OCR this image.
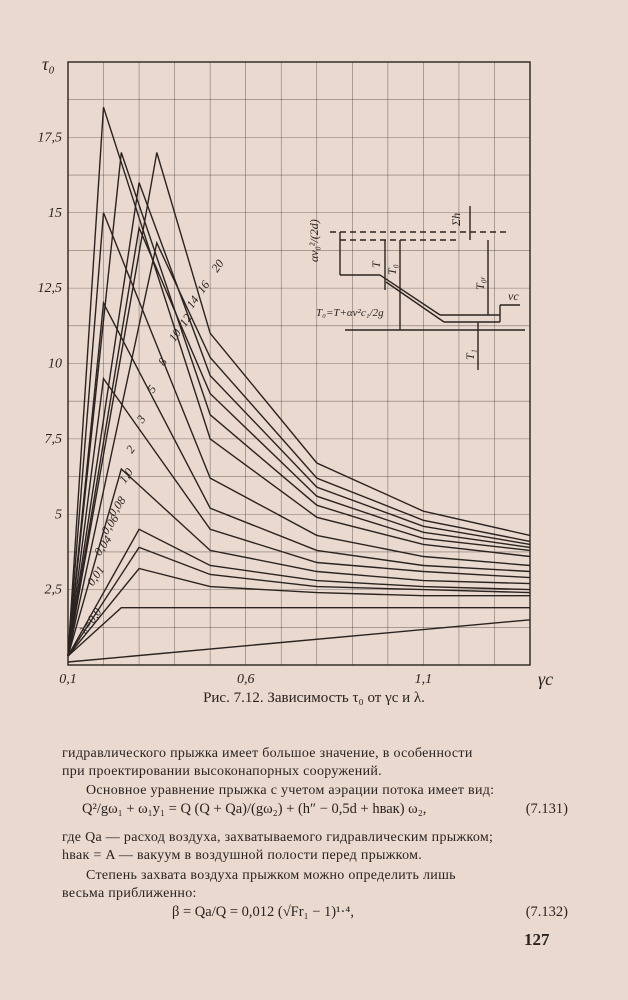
2,5
5
7,5
10
12,5
15
17,5
0,1	0,6	1,1
τ₀
γc
λ=0,0
0,01
0,04
0,06
0,08
1,0
2
3
5
8
10
12
14
16
20
αv₀²/(2d)	Σh
T T₀
T₀ᵣ
T₁
vc
T₀=T+αv²c₁/2g
Рис. 7.12. Зависимость τ₀ от γc и λ.
гидравлического прыжка имеет большое значение, в особенности
при проектировании высоконапорных сооружений.
Основное уравнение прыжка с учетом аэрации потока имеет вид:
Q²/gω₁ + ω₁y₁ = Q (Q + Qa)/(gω₂) + (h″ − 0,5d + hвак) ω₂,	(7.131)
где Qa — расход воздуха, захватываемого гидравлическим прыжком;
hвак = A — вакуум в воздушной полости перед прыжком.
Степень захвата воздуха прыжком можно определить лишь
весьма приближенно:
β = Qa/Q = 0,012 (√Fr₁ − 1)¹·⁴,	(7.132)
127
